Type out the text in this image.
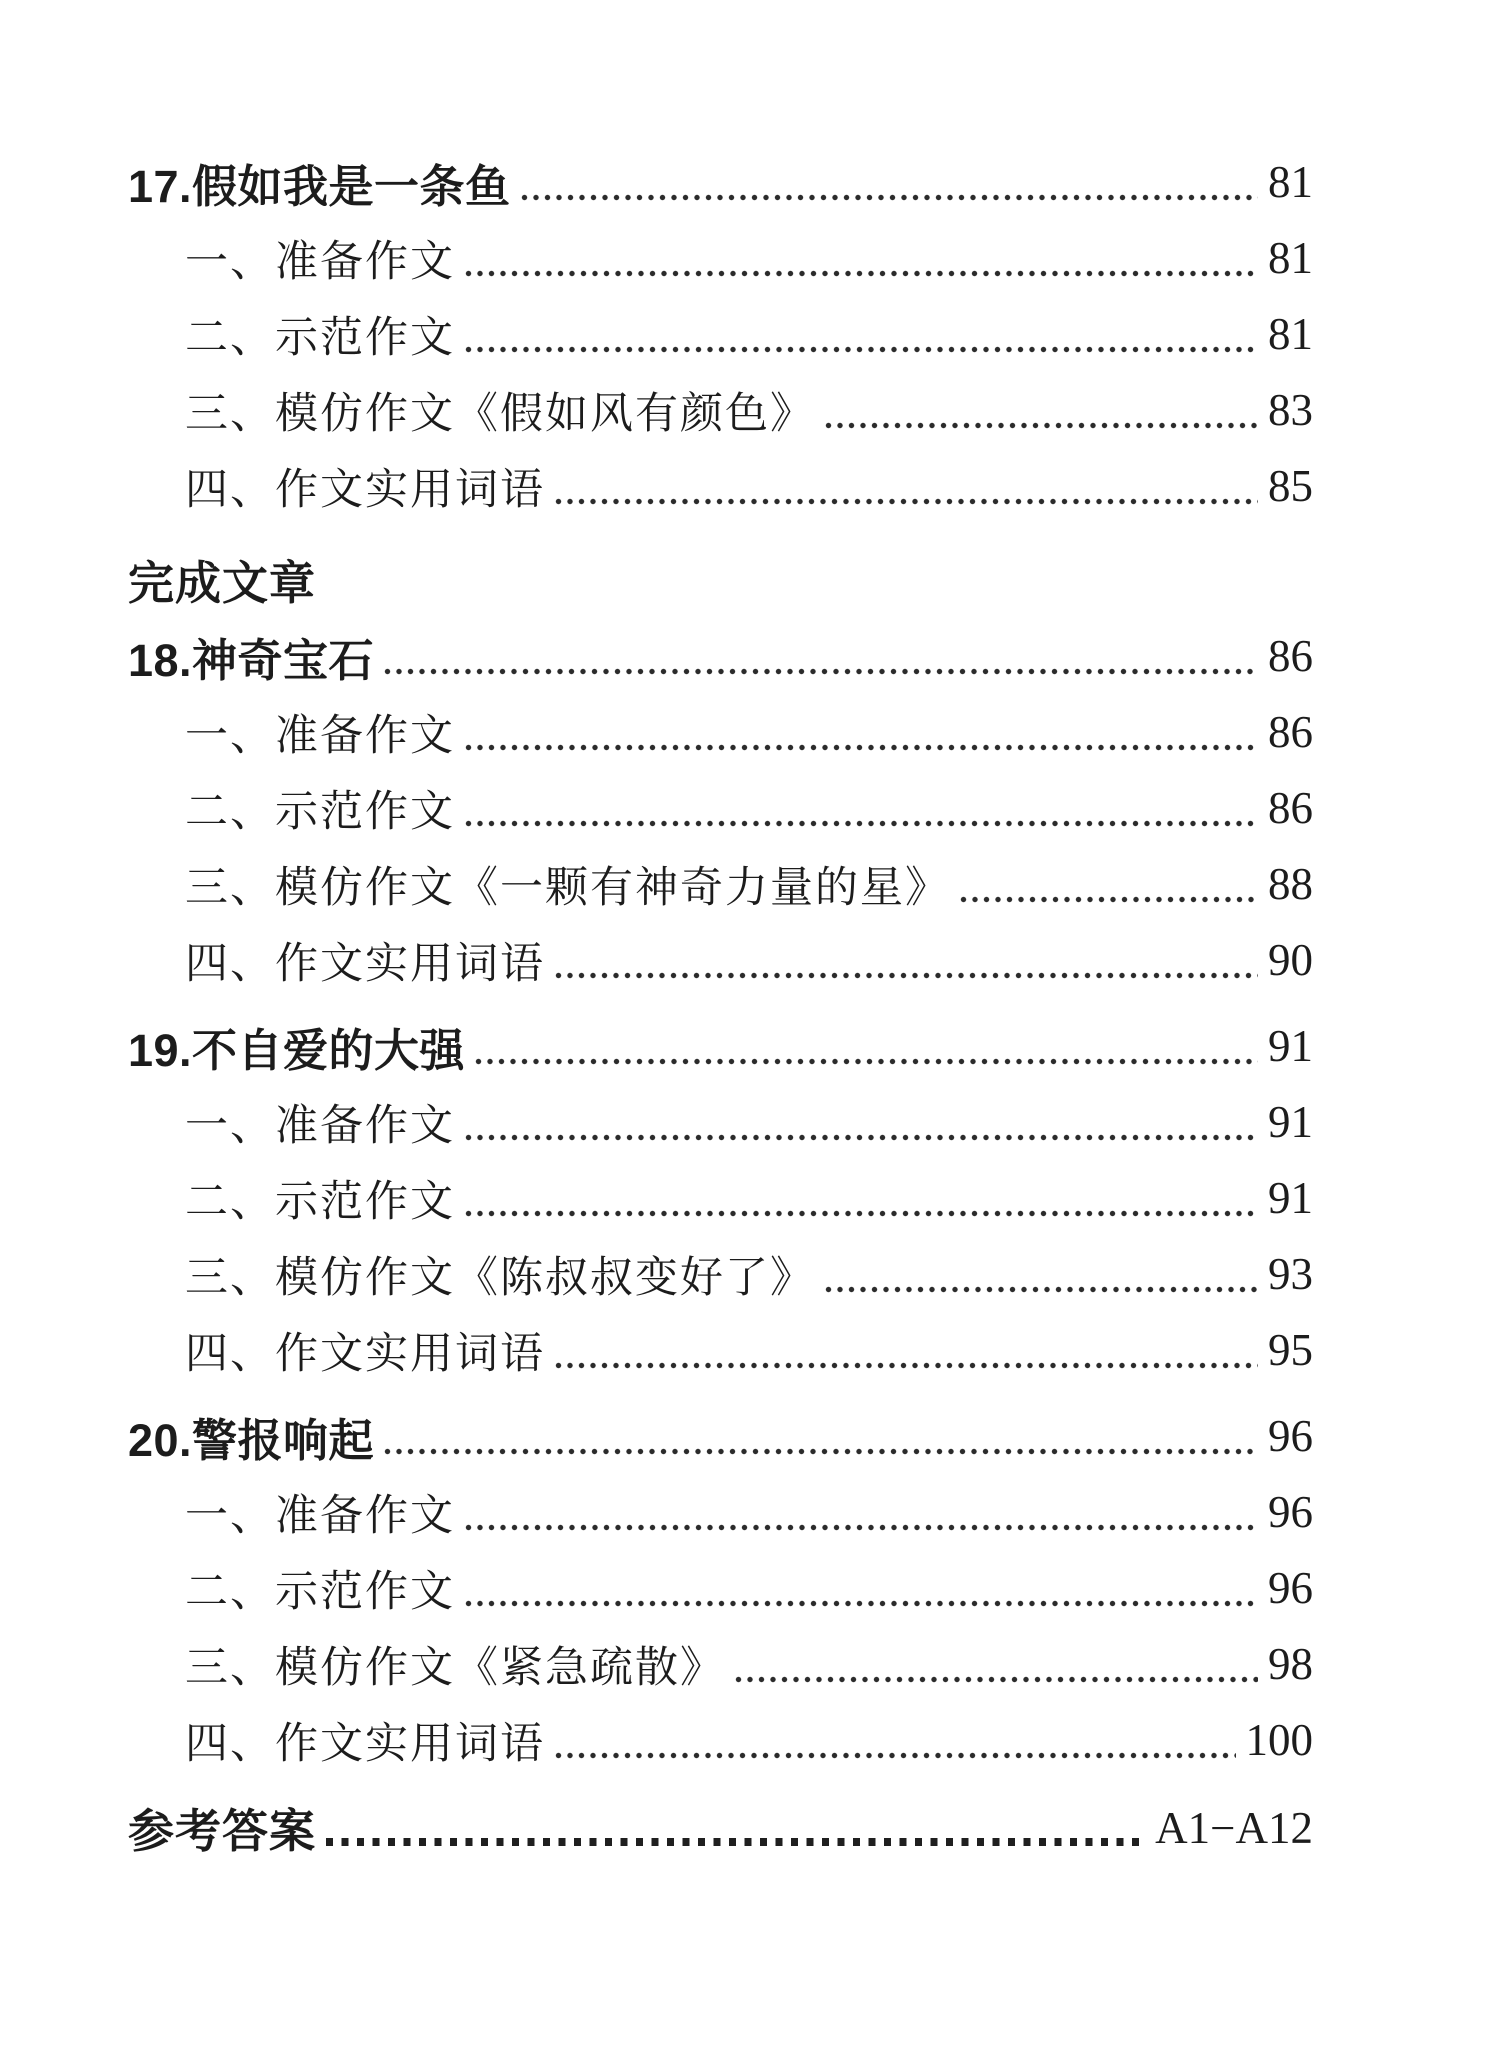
17.假如我是一条鱼	81
一、准备作文	81
二、示范作文	81
三、模仿作文《假如风有颜色》	83
四、作文实用词语	85
完成文章
18.神奇宝石	86
一、准备作文	86
二、示范作文	86
三、模仿作文《一颗有神奇力量的星》	88
四、作文实用词语	90
19.不自爱的大强	91
一、准备作文	91
二、示范作文	91
三、模仿作文《陈叔叔变好了》	93
四、作文实用词语	95
20.警报响起	96
一、准备作文	96
二、示范作文	96
三、模仿作文《紧急疏散》	98
四、作文实用词语	100
参考答案	A1−A12
